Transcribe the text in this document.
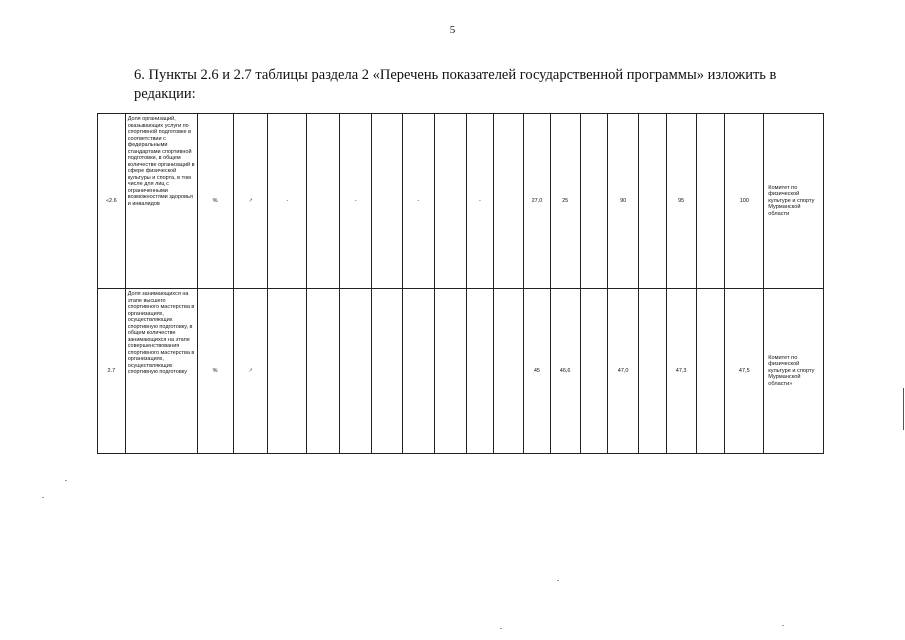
5
6. Пункты 2.6 и 2.7 таблицы раздела 2 «Перечень показателей государственной программы» изложить в
редакции:
«2.6	Доля организаций, оказывающих услуги по спортивной подготовке в соответствии с федеральными стандартами спортивной подготовки, в общем количестве организаций в сфере физической культуры и спорта, в том числе для лиц с ограниченными возможностями здоровья и инвалидов	%	↗	-		-		-		-		27,0	25		90		95		100	Комитет по физической культуре и спорту Мурманской области
2.7	Доля занимающихся на этапе высшего спортивного мастерства в организациях, осуществляющих спортивную подготовку, в общем количестве занимающихся на этапе совершенствования спортивного мастерства в организациях, осуществляющих спортивную подготовку	%	↗									45	46,6		47,0		47,3		47,5	Комитет по физической культуре и спорту Мурманской области»
